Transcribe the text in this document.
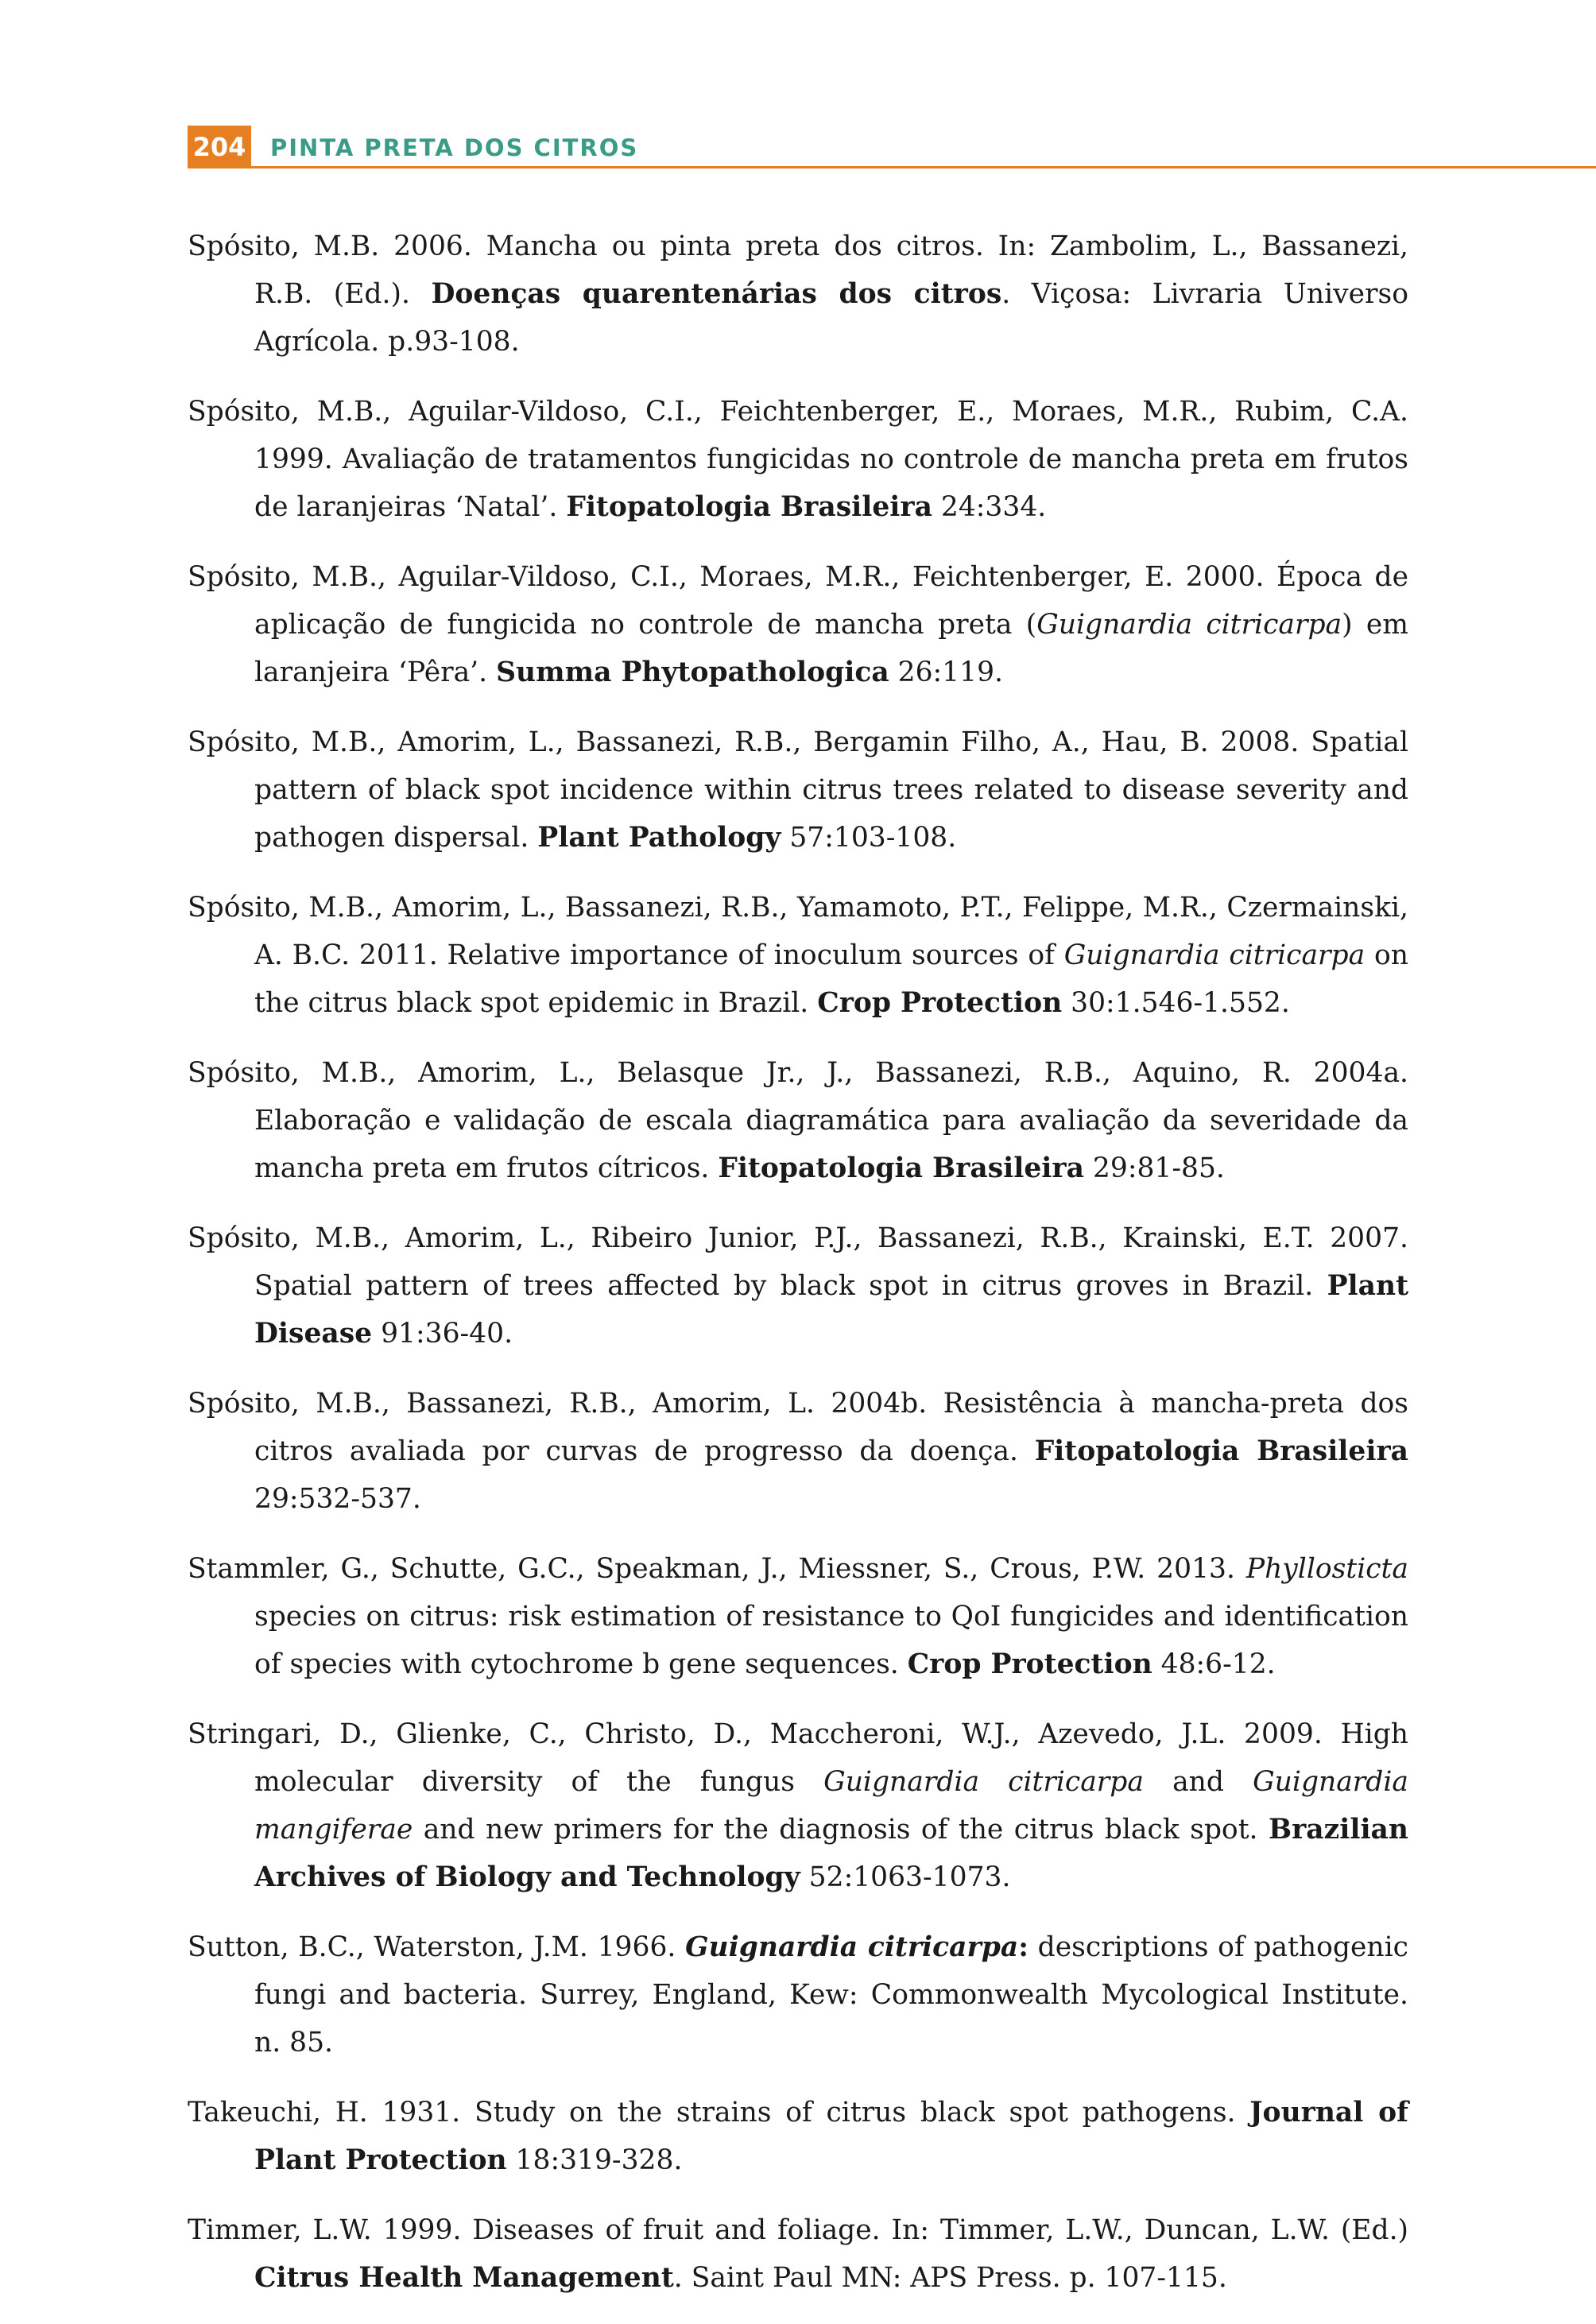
204 PINTA PRETA DOS CITROS
Spósito, M.B. 2006. Mancha ou pinta preta dos citros. In: Zambolim, L., Bassanezi, R.B. (Ed.). Doenças quarentenárias dos citros. Viçosa: Livraria Universo Agrícola. p.93-108.
Spósito, M.B., Aguilar-Vildoso, C.I., Feichtenberger, E., Moraes, M.R., Rubim, C.A. 1999. Avaliação de tratamentos fungicidas no controle de mancha preta em frutos de laranjeiras ‘Natal’. Fitopatologia Brasileira 24:334.
Spósito, M.B., Aguilar-Vildoso, C.I., Moraes, M.R., Feichtenberger, E. 2000. Época de aplicação de fungicida no controle de mancha preta (Guignardia citricarpa) em laranjeira ‘Pêra’. Summa Phytopathologica 26:119.
Spósito, M.B., Amorim, L., Bassanezi, R.B., Bergamin Filho, A., Hau, B. 2008. Spatial pattern of black spot incidence within citrus trees related to disease severity and pathogen dispersal. Plant Pathology 57:103-108.
Spósito, M.B., Amorim, L., Bassanezi, R.B., Yamamoto, P.T., Felippe, M.R., Czermainski, A. B.C. 2011. Relative importance of inoculum sources of Guignardia citricarpa on the citrus black spot epidemic in Brazil. Crop Protection 30:1.546-1.552.
Spósito, M.B., Amorim, L., Belasque Jr., J., Bassanezi, R.B., Aquino, R. 2004a. Elaboração e validação de escala diagramática para avaliação da severidade da mancha preta em frutos cítricos. Fitopatologia Brasileira 29:81-85.
Spósito, M.B., Amorim, L., Ribeiro Junior, P.J., Bassanezi, R.B., Krainski, E.T. 2007. Spatial pattern of trees affected by black spot in citrus groves in Brazil. Plant Disease 91:36-40.
Spósito, M.B., Bassanezi, R.B., Amorim, L. 2004b. Resistência à mancha-preta dos citros avaliada por curvas de progresso da doença. Fitopatologia Brasileira 29:532-537.
Stammler, G., Schutte, G.C., Speakman, J., Miessner, S., Crous, P.W. 2013. Phyllosticta species on citrus: risk estimation of resistance to QoI fungicides and identification of species with cytochrome b gene sequences. Crop Protection 48:6-12.
Stringari, D., Glienke, C., Christo, D., Maccheroni, W.J., Azevedo, J.L. 2009. High molecular diversity of the fungus Guignardia citricarpa and Guignardia mangiferae and new primers for the diagnosis of the citrus black spot. Brazilian Archives of Biology and Technology 52:1063-1073.
Sutton, B.C., Waterston, J.M. 1966. Guignardia citricarpa: descriptions of pathogenic fungi and bacteria. Surrey, England, Kew: Commonwealth Mycological Institute. n. 85.
Takeuchi, H. 1931. Study on the strains of citrus black spot pathogens. Journal of Plant Protection 18:319-328.
Timmer, L.W. 1999. Diseases of fruit and foliage. In: Timmer, L.W., Duncan, L.W. (Ed.) Citrus Health Management. Saint Paul MN: APS Press. p. 107-115.
